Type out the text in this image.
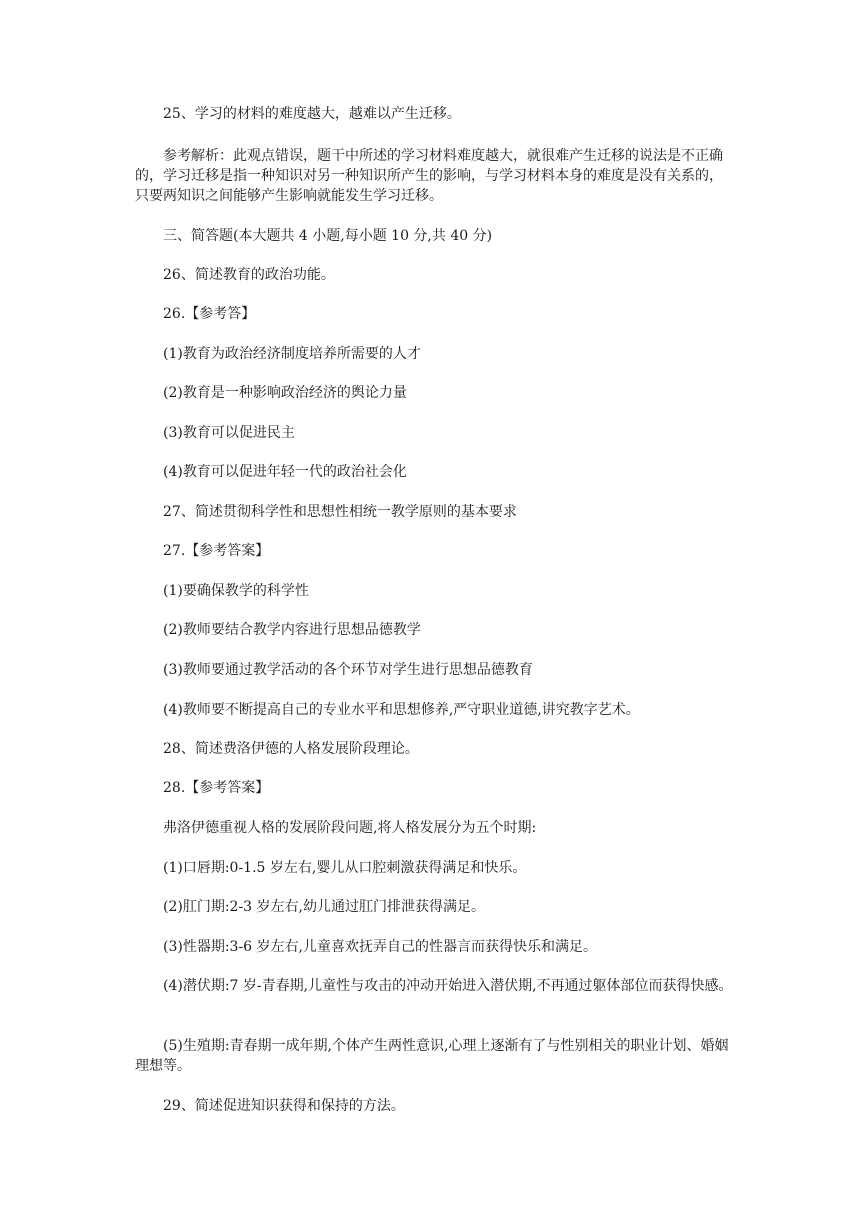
25、学习的材料的难度越大，越难以产生迁移。

参考解析：此观点错误，题干中所述的学习材料难度越大，就很难产生迁移的说法是不正确的，学习迁移是指一种知识对另一种知识所产生的影响，与学习材料本身的难度是没有关系的，只要两知识之间能够产生影响就能发生学习迁移。

三、简答题(本大题共 4 小题,每小题 10 分,共 40 分)

26、简述教育的政治功能。

26.【参考答】

(1)教育为政治经济制度培养所需要的人才

(2)教育是一种影响政治经济的舆论力量

(3)教育可以促进民主

(4)教育可以促进年轻一代的政治社会化

27、简述贯彻科学性和思想性相统一教学原则的基本要求

27.【参考答案】

(1)要确保教学的科学性

(2)教师要结合教学内容进行思想品德教学

(3)教师要通过教学活动的各个环节对学生进行思想品德教育

(4)教师要不断提高自己的专业水平和思想修养,严守职业道德,讲究教字艺术。

28、简述费洛伊德的人格发展阶段理论。

28.【参考答案】

弗洛伊德重视人格的发展阶段问题,将人格发展分为五个时期:

(1)口唇期:0-1.5 岁左右,婴儿从口腔刺激获得满足和快乐。

(2)肛门期:2-3 岁左右,幼儿通过肛门排泄获得满足。

(3)性器期:3-6 岁左右,儿童喜欢抚弄自己的性器言而获得快乐和满足。

(4)潜伏期:7 岁-青春期,儿童性与攻击的冲动开始进入潜伏期,不再通过躯体部位而获得快感。

(5)生殖期:青春期一成年期,个体产生两性意识,心理上逐渐有了与性别相关的职业计划、婚姻理想等。

29、简述促进知识获得和保持的方法。
